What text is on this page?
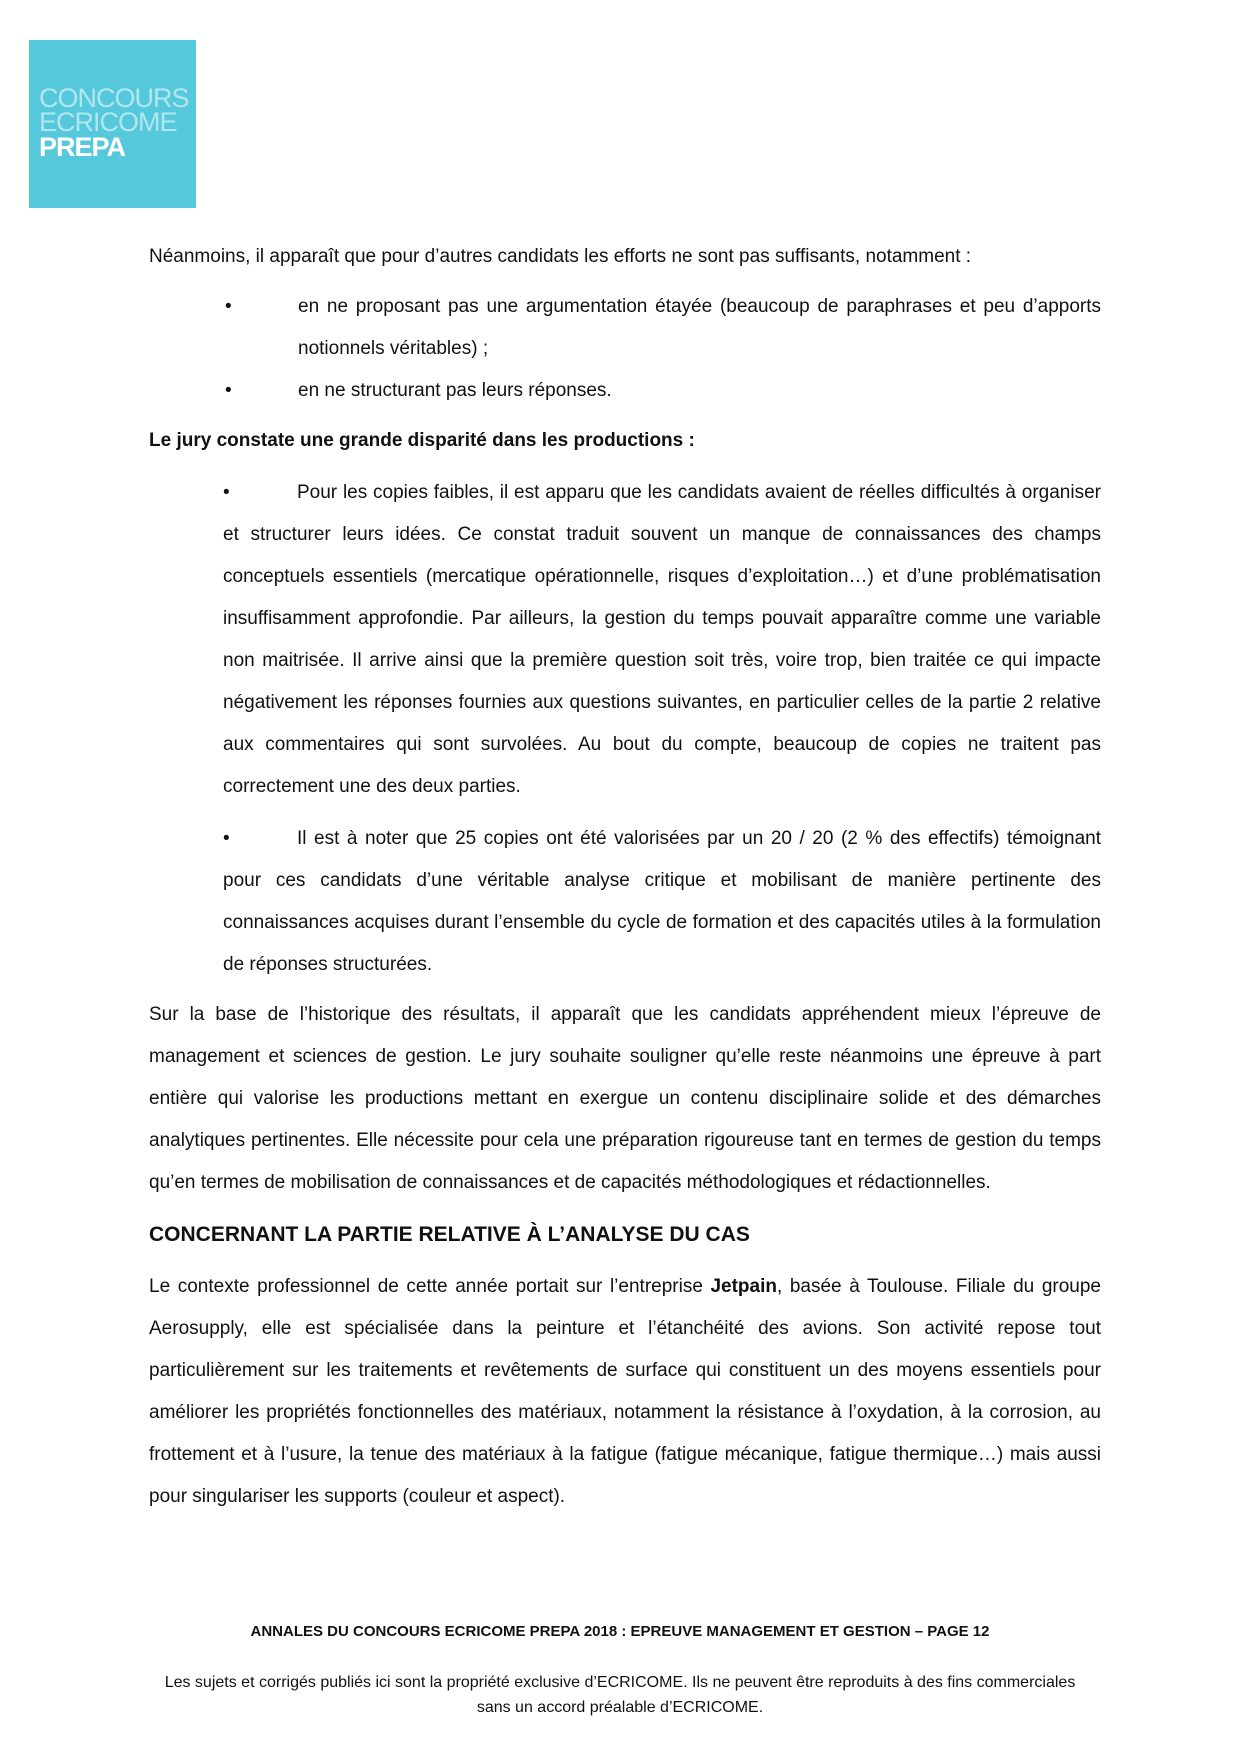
CONCOURS
ECRICOME
PREPA

Néanmoins, il apparaît que pour d’autres candidats les efforts ne sont pas suffisants, notamment :

•	en ne proposant pas une argumentation étayée (beaucoup de paraphrases et peu d’apports notionnels véritables) ;
•	en ne structurant pas leurs réponses.

Le jury constate une grande disparité dans les productions :

•	Pour les copies faibles, il est apparu que les candidats avaient de réelles difficultés à organiser et structurer leurs idées. Ce constat traduit souvent un manque de connaissances des champs conceptuels essentiels (mercatique opérationnelle, risques d’exploitation…) et d’une problématisation insuffisamment approfondie. Par ailleurs, la gestion du temps pouvait apparaître comme une variable non maitrisée. Il arrive ainsi que la première question soit très, voire trop, bien traitée ce qui impacte négativement les réponses fournies aux questions suivantes, en particulier celles de la partie 2 relative aux commentaires qui sont survolées. Au bout du compte, beaucoup de copies ne traitent pas correctement une des deux parties.
•	Il est à noter que 25 copies ont été valorisées par un 20 / 20 (2 % des effectifs) témoignant pour ces candidats d’une véritable analyse critique et mobilisant de manière pertinente des connaissances acquises durant l’ensemble du cycle de formation et des capacités utiles à la formulation de réponses structurées.

Sur la base de l’historique des résultats, il apparaît que les candidats appréhendent mieux l’épreuve de management et sciences de gestion. Le jury souhaite souligner qu’elle reste néanmoins une épreuve à part entière qui valorise les productions mettant en exergue un contenu disciplinaire solide et des démarches analytiques pertinentes. Elle nécessite pour cela une préparation rigoureuse tant en termes de gestion du temps qu’en termes de mobilisation de connaissances et de capacités méthodologiques et rédactionnelles.

CONCERNANT LA PARTIE RELATIVE À L’ANALYSE DU CAS

Le contexte professionnel de cette année portait sur l’entreprise Jetpain, basée à Toulouse. Filiale du groupe Aerosupply, elle est spécialisée dans la peinture et l’étanchéité des avions. Son activité repose tout particulièrement sur les traitements et revêtements de surface qui constituent un des moyens essentiels pour améliorer les propriétés fonctionnelles des matériaux, notamment la résistance à l’oxydation, à la corrosion, au frottement et à l’usure, la tenue des matériaux à la fatigue (fatigue mécanique, fatigue thermique…) mais aussi pour singulariser les supports (couleur et aspect).

ANNALES DU CONCOURS ECRICOME PREPA 2018 : EPREUVE MANAGEMENT ET GESTION – PAGE 12
Les sujets et corrigés publiés ici sont la propriété exclusive d’ECRICOME. Ils ne peuvent être reproduits à des fins commerciales sans un accord préalable d’ECRICOME.
